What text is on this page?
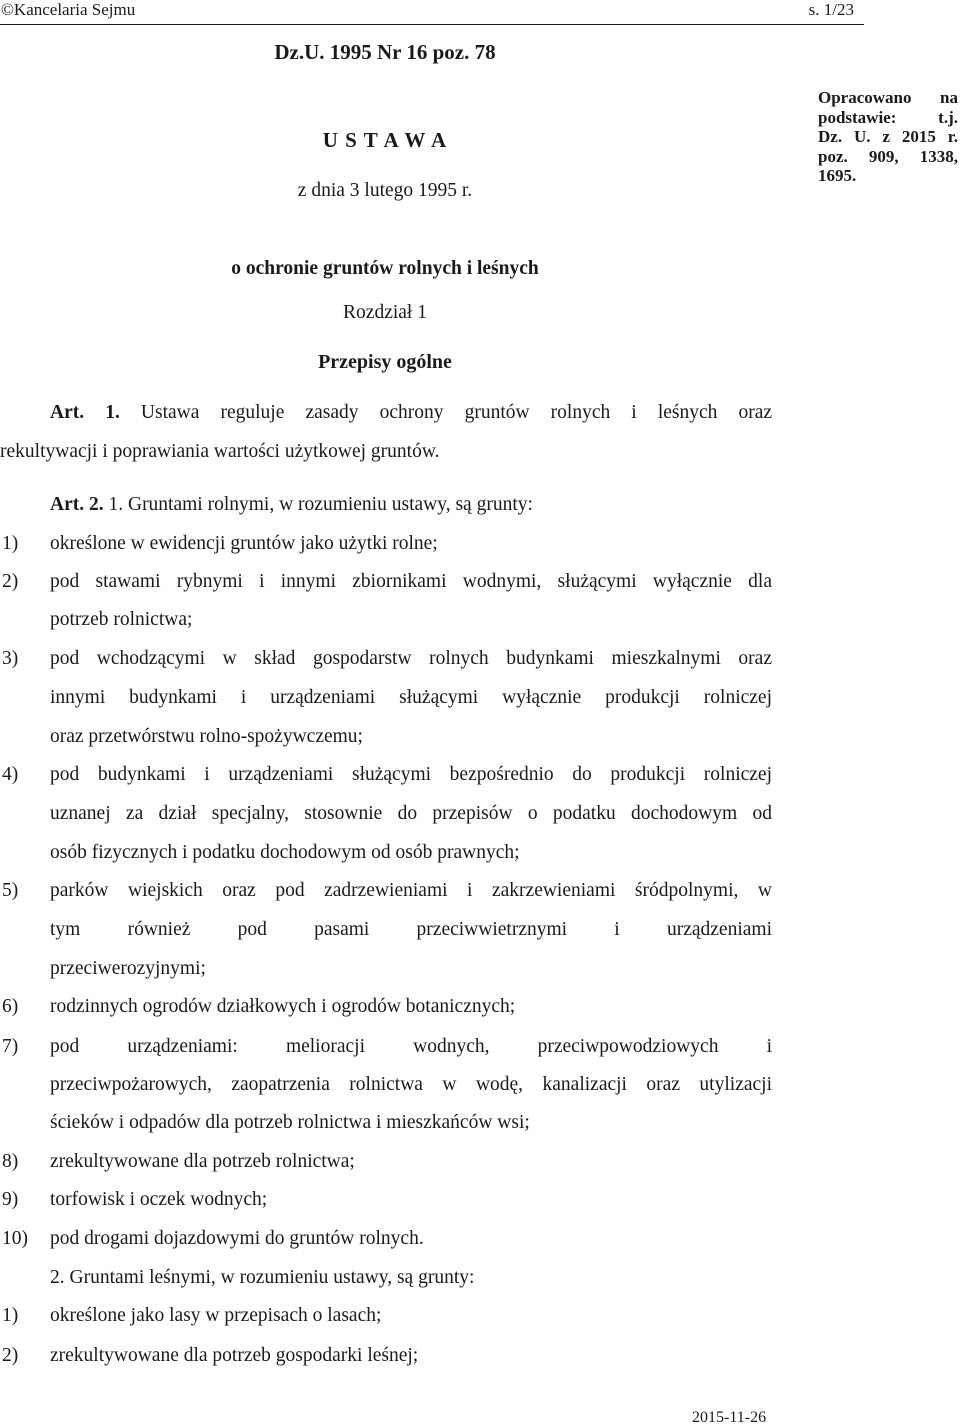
©Kancelaria Sejmu	s. 1/23
Dz.U. 1995 Nr 16 poz. 78
U S T A W A
z dnia 3 lutego 1995 r.
o ochronie gruntów rolnych i leśnych
Opracowano na
podstawie: t.j.
Dz. U. z 2015 r.
poz. 909, 1338,
1695.
Rozdział 1
Przepisy ogólne
Art. 1. Ustawa reguluje zasady ochrony gruntów rolnych i leśnych oraz
rekultywacji i poprawiania wartości użytkowej gruntów.
Art. 2. 1. Gruntami rolnymi, w rozumieniu ustawy, są grunty:
1) określone w ewidencji gruntów jako użytki rolne;
2) pod stawami rybnymi i innymi zbiornikami wodnymi, służącymi wyłącznie dla
potrzeb rolnictwa;
3) pod wchodzącymi w skład gospodarstw rolnych budynkami mieszkalnymi oraz
innymi budynkami i urządzeniami służącymi wyłącznie produkcji rolniczej
oraz przetwórstwu rolno-spożywczemu;
4) pod budynkami i urządzeniami służącymi bezpośrednio do produkcji rolniczej
uznanej za dział specjalny, stosownie do przepisów o podatku dochodowym od
osób fizycznych i podatku dochodowym od osób prawnych;
5) parków wiejskich oraz pod zadrzewieniami i zakrzewieniami śródpolnymi, w
tym również pod pasami przeciwwietrznymi i urządzeniami
przeciwerozyjnymi;
6) rodzinnych ogrodów działkowych i ogrodów botanicznych;
7) pod urządzeniami: melioracji wodnych, przeciwpowodziowych i
przeciwpożarowych, zaopatrzenia rolnictwa w wodę, kanalizacji oraz utylizacji
ścieków i odpadów dla potrzeb rolnictwa i mieszkańców wsi;
8) zrekultywowane dla potrzeb rolnictwa;
9) torfowisk i oczek wodnych;
10) pod drogami dojazdowymi do gruntów rolnych.
2. Gruntami leśnymi, w rozumieniu ustawy, są grunty:
1) określone jako lasy w przepisach o lasach;
2) zrekultywowane dla potrzeb gospodarki leśnej;
2015-11-26
